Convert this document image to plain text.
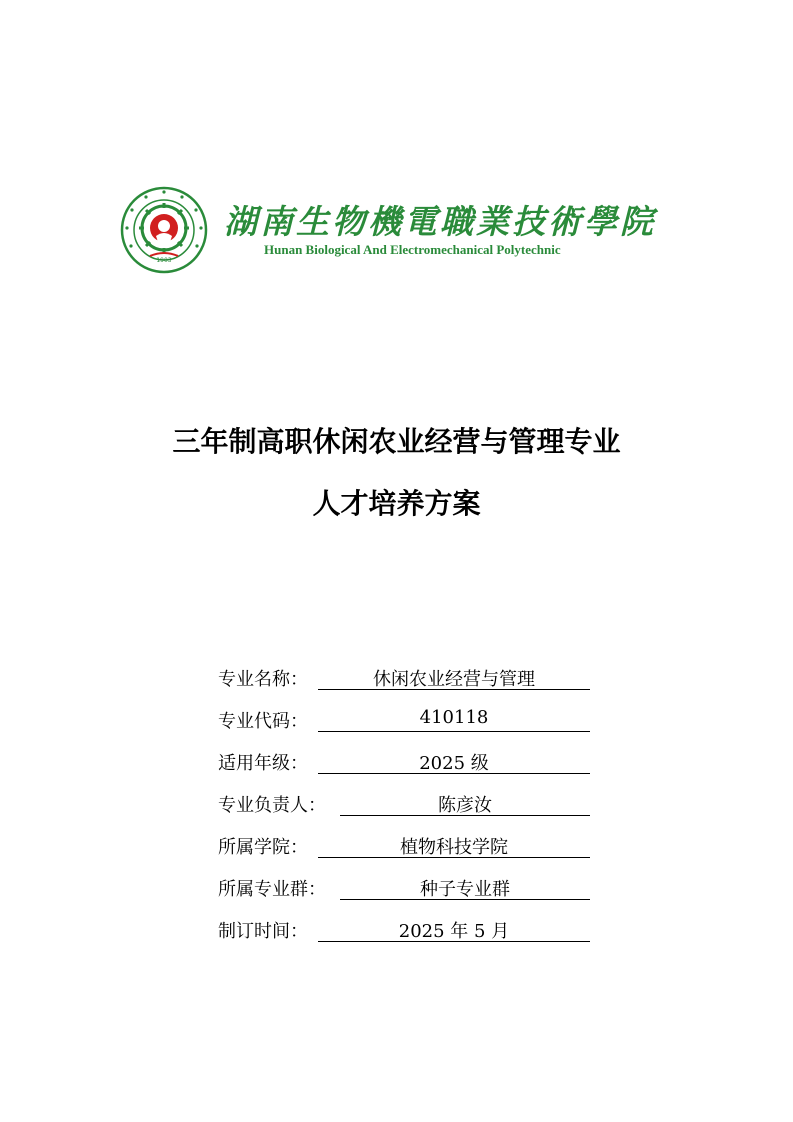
1903
湖南生物機電職業技術學院
Hunan Biological And Electromechanical Polytechnic
三年制高职休闲农业经营与管理专业
人才培养方案
专业名称：	休闲农业经营与管理
专业代码：	410118
适用年级：	2025 级
专业负责人：	陈彦汝
所属学院：	植物科技学院
所属专业群：	种子专业群
制订时间：	2025 年 5 月
